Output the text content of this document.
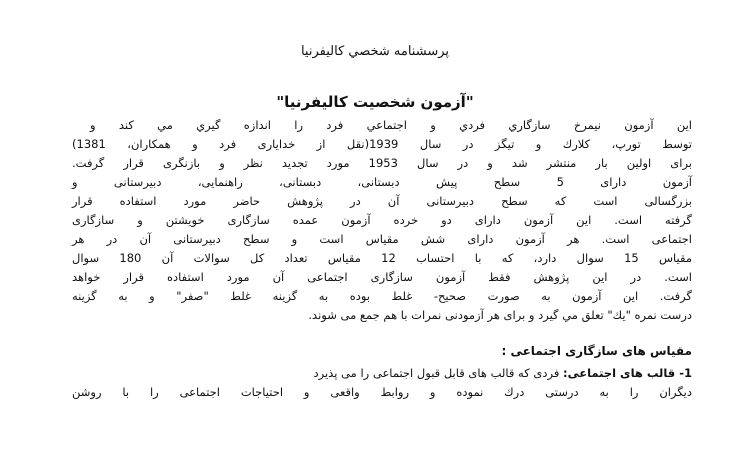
پرسشنامه شخصي كاليفرنيا
"آزمون شخصيت كاليفرنيا"
اين آزمون نيمرخ سازگاري فردي و اجتماعي فرد را اندازه گيري مي كند و
توسط تورپ، كلارك و تيگز در سال 1939(نقل از خدايارى فرد و همكاران، 1381)
براى اولين بار منتشر شد و در سال 1953 مورد تجديد نظر و بازنگرى قرار گرفت.
آزمون داراى 5 سطح پيش دبستانى، دبستانى، راهنمايى، دبيرستانى و
بزرگسالى است كه سطح دبيرستانى آن در پژوهش حاضر مورد استفاده قرار
گرفته است. اين آزمون داراى دو خرده آزمون عمده سازگارى خويشتن و سازگارى
اجتماعى است. هر آزمون داراى شش مقياس است و سطح دبيرستانى آن در هر
مقياس 15 سوال دارد، كه با احتساب 12 مقياس تعداد كل سوالات آن 180 سوال
است. در اين پژوهش فقط آزمون سازگارى اجتماعى آن مورد استفاده قرار خواهد
گرفت. اين آزمون به صورت صحيح- غلط بوده به گزينه غلط "صفر" و به گزينه
درست نمره "يك" تعلق مي گيرد و براى هر آزمودنى نمرات با هم جمع مى شوند.
مقياس هاى سازگارى اجتماعى :
1- قالب هاى اجتماعى: فردى كه قالب هاى قابل قبول اجتماعى را مى پذيرد
ديگران را به درستى درك نموده و روابط واقعى و احتياجات اجتماعى را با روشن
